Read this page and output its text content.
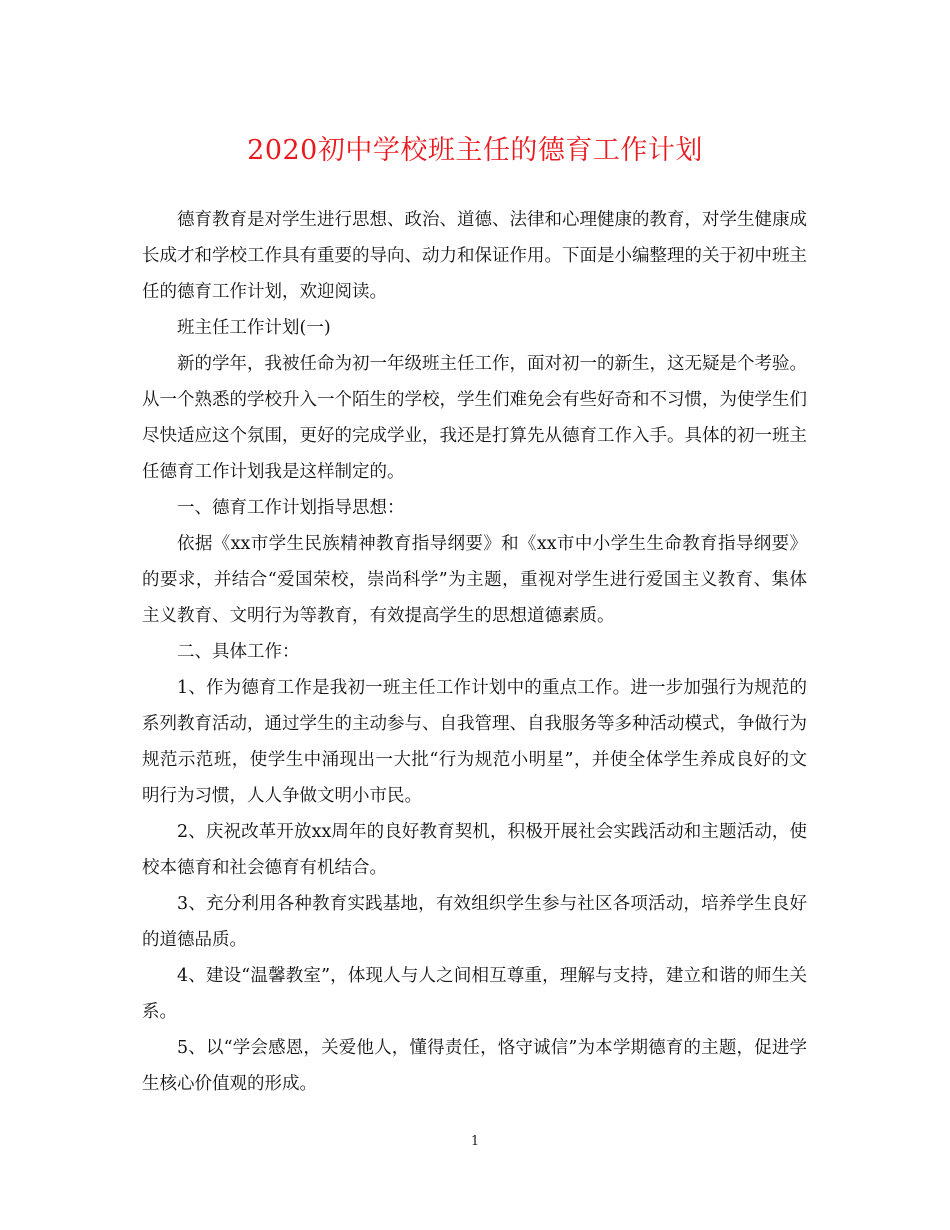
2020初中学校班主任的德育工作计划

德育教育是对学生进行思想、政治、道德、法律和心理健康的教育，对学生健康成长成才和学校工作具有重要的导向、动力和保证作用。下面是小编整理的关于初中班主任的德育工作计划，欢迎阅读。

班主任工作计划(一)

新的学年，我被任命为初一年级班主任工作，面对初一的新生，这无疑是个考验。从一个熟悉的学校升入一个陌生的学校，学生们难免会有些好奇和不习惯，为使学生们尽快适应这个氛围，更好的完成学业，我还是打算先从德育工作入手。具体的初一班主任德育工作计划我是这样制定的。

一、德育工作计划指导思想：

依据《xx市学生民族精神教育指导纲要》和《xx市中小学生生命教育指导纲要》的要求，并结合“爱国荣校，崇尚科学”为主题，重视对学生进行爱国主义教育、集体主义教育、文明行为等教育，有效提高学生的思想道德素质。

二、具体工作：

1、作为德育工作是我初一班主任工作计划中的重点工作。进一步加强行为规范的系列教育活动，通过学生的主动参与、自我管理、自我服务等多种活动模式，争做行为规范示范班，使学生中涌现出一大批“行为规范小明星”，并使全体学生养成良好的文明行为习惯，人人争做文明小市民。

2、庆祝改革开放xx周年的良好教育契机，积极开展社会实践活动和主题活动，使校本德育和社会德育有机结合。

3、充分利用各种教育实践基地，有效组织学生参与社区各项活动，培养学生良好的道德品质。

4、建设“温馨教室”，体现人与人之间相互尊重，理解与支持，建立和谐的师生关系。

5、以“学会感恩，关爱他人，懂得责任，恪守诚信”为本学期德育的主题，促进学生核心价值观的形成。

1
